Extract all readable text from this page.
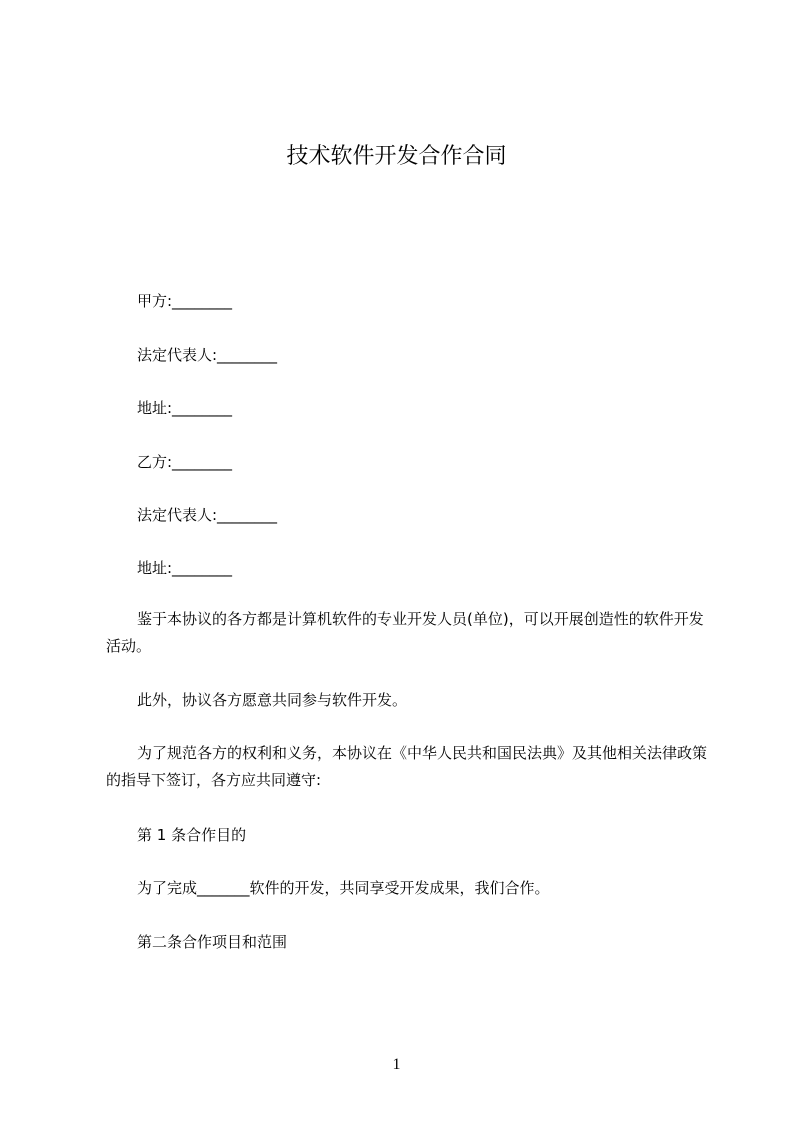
技术软件开发合作合同
甲方:________
法定代表人:________
地址:________
乙方:________
法定代表人:________
地址:________
鉴于本协议的各方都是计算机软件的专业开发人员(单位)，可以开展创造性的软件开发活动。
此外，协议各方愿意共同参与软件开发。
为了规范各方的权利和义务，本协议在《中华人民共和国民法典》及其他相关法律政策的指导下签订，各方应共同遵守:
第 1 条合作目的
为了完成_______软件的开发，共同享受开发成果，我们合作。
第二条合作项目和范围
1
